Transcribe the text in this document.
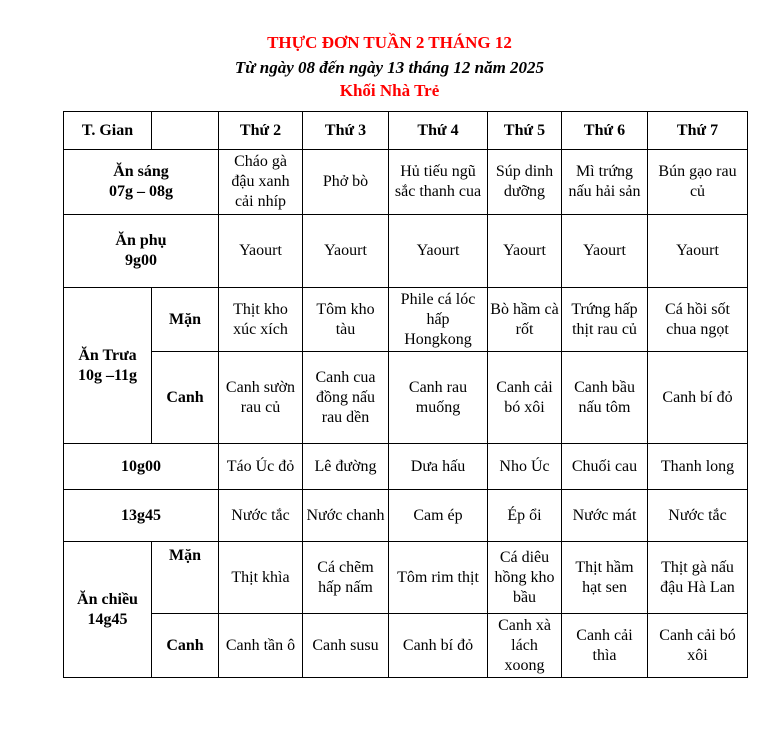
THỰC ĐƠN TUẦN 2 THÁNG 12
Từ ngày 08 đến ngày 13 tháng 12 năm 2025
Khối Nhà Trẻ
T. Gian		Thứ 2	Thứ 3	Thứ 4	Thứ 5	Thứ 6	Thứ 7

Ăn sáng
07g – 08g		Cháo gà đậu xanh cải nhíp	Phở bò	Hủ tiếu ngũ sắc thanh cua	Súp dinh dưỡng	Mì trứng nấu hải sản	Bún gạo rau củ

Ăn phụ
9g00		Yaourt	Yaourt	Yaourt	Yaourt	Yaourt	Yaourt

Ăn Trưa
10g –11g	Mặn	Thịt kho xúc xích	Tôm kho tàu	Phile cá lóc hấp Hongkong	Bò hầm cà rốt	Trứng hấp thịt rau củ	Cá hồi sốt chua ngọt
	Canh	Canh sườn rau củ	Canh cua đồng nấu rau dền	Canh rau muống	Canh cải bó xôi	Canh bầu nấu tôm	Canh bí đỏ
10g00		Táo Úc đỏ	Lê đường	Dưa hấu	Nho Úc	Chuối cau	Thanh long
13g45		Nước tắc	Nước chanh	Cam ép	Ép ổi	Nước mát	Nước tắc

Ăn chiều
14g45	Mặn	Thịt khìa	Cá chẽm hấp nấm	Tôm rim thịt	Cá diêu hồng kho bầu	Thịt hầm hạt sen	Thịt gà nấu đậu Hà Lan
	Canh	Canh tần ô	Canh susu	Canh bí đỏ	Canh xà lách xoong	Canh cải thìa	Canh cải bó xôi
